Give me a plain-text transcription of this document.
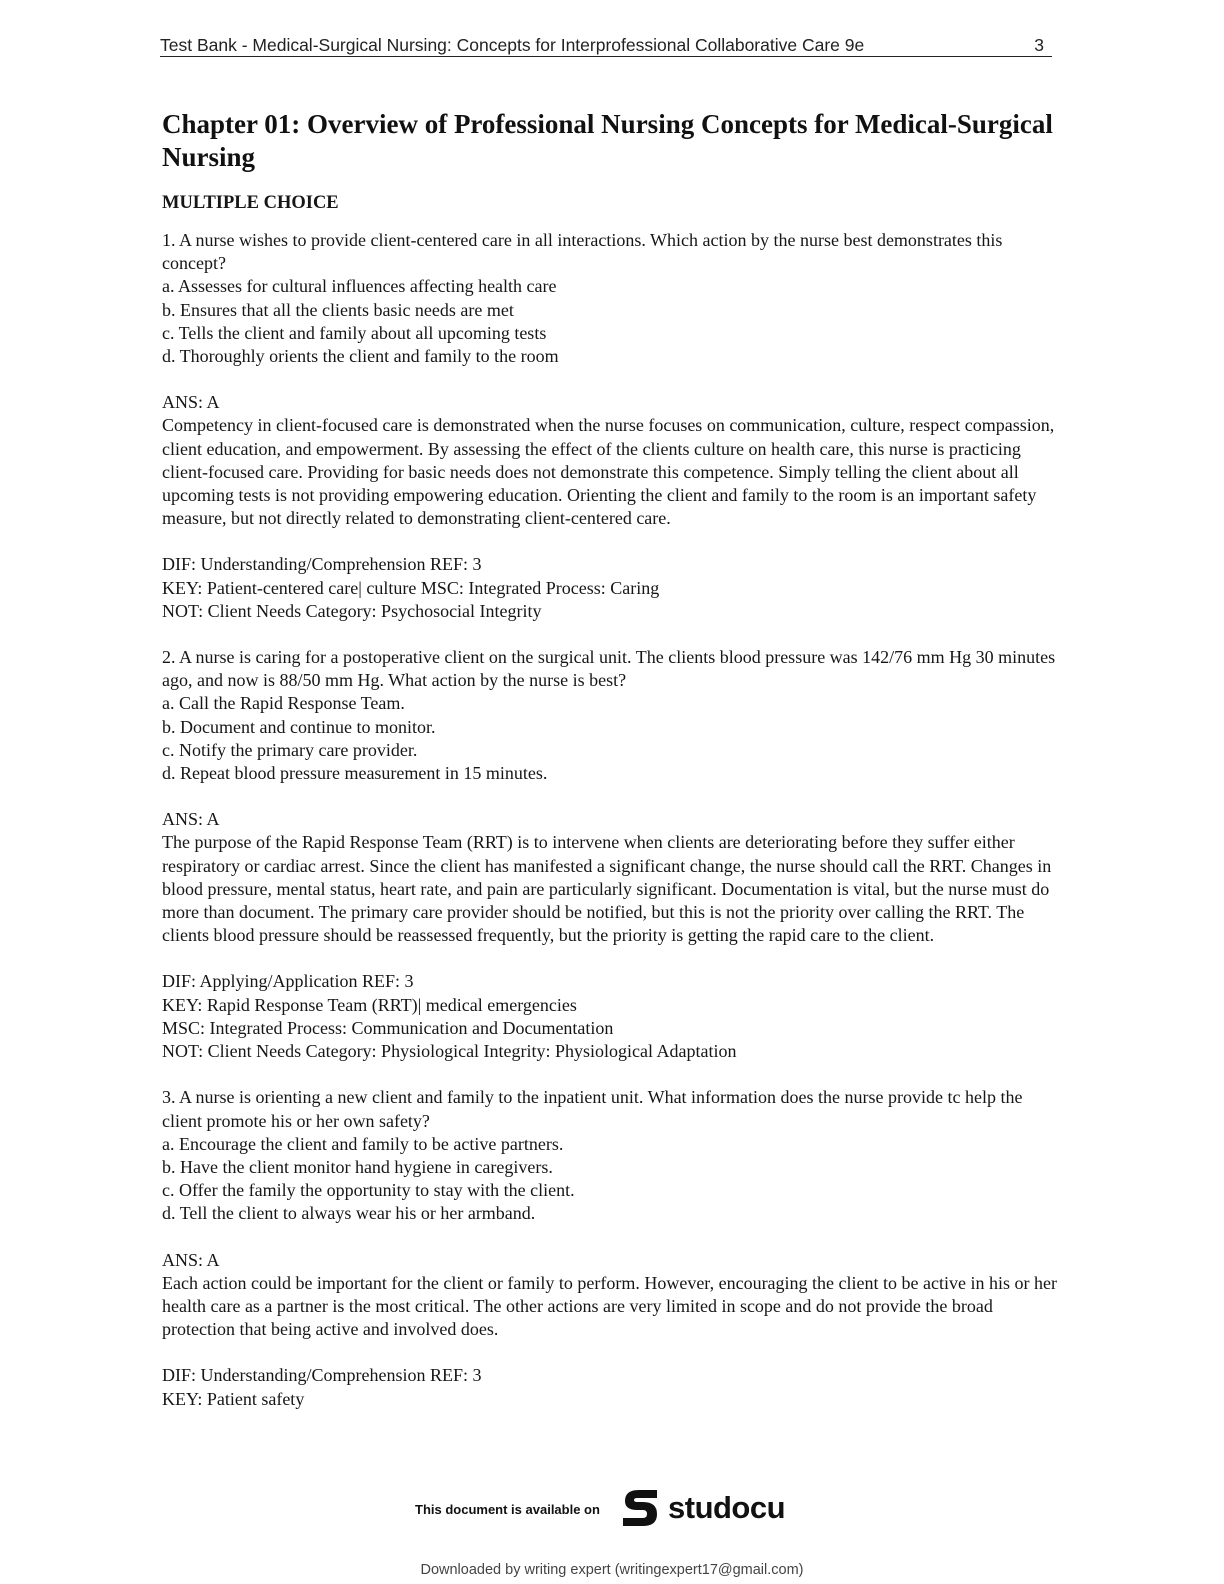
Test Bank - Medical-Surgical Nursing: Concepts for Interprofessional Collaborative Care 9e	3
Chapter 01: Overview of Professional Nursing Concepts for Medical-Surgical Nursing
MULTIPLE CHOICE

1. A nurse wishes to provide client-centered care in all interactions. Which action by the nurse best demonstrates this concept?

a. Assesses for cultural influences affecting health care

b. Ensures that all the clients basic needs are met

c. Tells the client and family about all upcoming tests

d. Thoroughly orients the client and family to the room

ANS: A

Competency in client-focused care is demonstrated when the nurse focuses on communication, culture, respect compassion, client education, and empowerment. By assessing the effect of the clients culture on health care, this nurse is practicing client-focused care. Providing for basic needs does not demonstrate this competence. Simply telling the client about all upcoming tests is not providing empowering education. Orienting the client and family to the room is an important safety measure, but not directly related to demonstrating client-centered care.

DIF: Understanding/Comprehension REF: 3

KEY: Patient-centered care| culture MSC: Integrated Process: Caring

NOT: Client Needs Category: Psychosocial Integrity

2. A nurse is caring for a postoperative client on the surgical unit. The clients blood pressure was 142/76 mm Hg 30 minutes ago, and now is 88/50 mm Hg. What action by the nurse is best?

a. Call the Rapid Response Team.

b. Document and continue to monitor.

c. Notify the primary care provider.

d. Repeat blood pressure measurement in 15 minutes.

ANS: A

The purpose of the Rapid Response Team (RRT) is to intervene when clients are deteriorating before they suffer either respiratory or cardiac arrest. Since the client has manifested a significant change, the nurse should call the RRT. Changes in blood pressure, mental status, heart rate, and pain are particularly significant. Documentation is vital, but the nurse must do more than document. The primary care provider should be notified, but this is not the priority over calling the RRT. The clients blood pressure should be reassessed frequently, but the priority is getting the rapid care to the client.

DIF: Applying/Application REF: 3

KEY: Rapid Response Team (RRT)| medical emergencies

MSC: Integrated Process: Communication and Documentation

NOT: Client Needs Category: Physiological Integrity: Physiological Adaptation

3. A nurse is orienting a new client and family to the inpatient unit. What information does the nurse provide tc help the client promote his or her own safety?

a. Encourage the client and family to be active partners.

b. Have the client monitor hand hygiene in caregivers.

c. Offer the family the opportunity to stay with the client.

d. Tell the client to always wear his or her armband.

ANS: A

Each action could be important for the client or family to perform. However, encouraging the client to be active in his or her health care as a partner is the most critical. The other actions are very limited in scope and do not provide the broad protection that being active and involved does.

DIF: Understanding/Comprehension REF: 3

KEY: Patient safety

This document is available on studocu
Downloaded by writing expert (writingexpert17@gmail.com)
